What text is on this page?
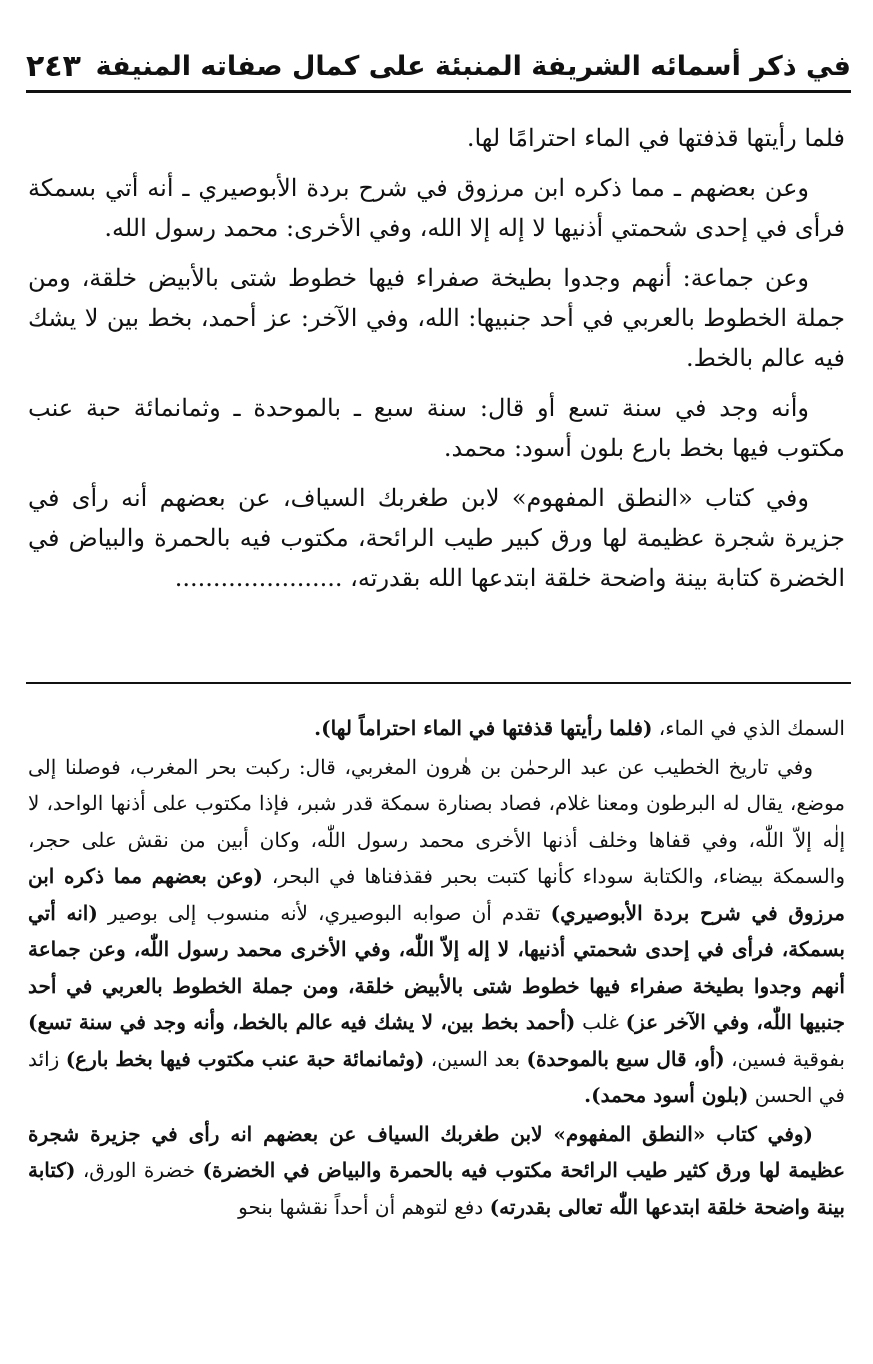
في ذكر أسمائه الشريفة المنبئة على كمال صفاته المنيفة
٢٤٣

فلما رأيتها قذفتها في الماء احترامًا لها.

وعن بعضهم ـ مما ذكره ابن مرزوق في شرح بردة الأبوصيري ـ أنه أتي بسمكة فرأى في إحدى شحمتي أذنيها لا إله إلا الله، وفي الأخرى: محمد رسول الله.

وعن جماعة: أنهم وجدوا بطيخة صفراء فيها خطوط شتى بالأبيض خلقة، ومن جملة الخطوط بالعربي في أحد جنبيها: الله، وفي الآخر: عز أحمد، بخط بين لا يشك فيه عالم بالخط.

وأنه وجد في سنة تسع أو قال: سنة سبع ـ بالموحدة ـ وثمانمائة حبة عنب مكتوب فيها بخط بارع بلون أسود: محمد.

وفي كتاب «النطق المفهوم» لابن طغربك السياف، عن بعضهم أنه رأى في جزيرة شجرة عظيمة لها ورق كبير طيب الرائحة، مكتوب فيه بالحمرة والبياض في الخضرة كتابة بينة واضحة خلقة ابتدعها الله بقدرته، ......................

السمك الذي في الماء، (فلما رأيتها قذفتها في الماء احتراماً لها).

وفي تاريخ الخطيب عن عبد الرحمٰن بن هٰرون المغربي، قال: ركبت بحر المغرب، فوصلنا إلى موضع، يقال له البرطون ومعنا غلام، فصاد بصنارة سمكة قدر شبر، فإذا مكتوب على أذنها الواحد، لا إلٰه إلاّ اللّٰه، وفي قفاها وخلف أذنها الأخرى محمد رسول اللّٰه، وكان أبين من نقش على حجر، والسمكة بيضاء، والكتابة سوداء كأنها كتبت بحبر فقذفناها في البحر، (وعن بعضهم مما ذكره ابن مرزوق في شرح بردة الأبوصيري) تقدم أن صوابه البوصيري، لأنه منسوب إلى بوصير (انه أتي بسمكة، فرأى في إحدى شحمتي أذنيها، لا إله إلاّ اللّٰه، وفي الأخرى محمد رسول اللّٰه، وعن جماعة أنهم وجدوا بطيخة صفراء فيها خطوط شتى بالأبيض خلقة، ومن جملة الخطوط بالعربي في أحد جنبيها اللّٰه، وفي الآخر عز) غلب (أحمد بخط بين، لا يشك فيه عالم بالخط، وأنه وجد في سنة تسع) بفوقية فسين، (أو، قال سبع بالموحدة) بعد السين، (وثمانمائة حبة عنب مكتوب فيها بخط بارع) زائد في الحسن (بلون أسود محمد).

(وفي كتاب «النطق المفهوم» لابن طغربك السياف عن بعضهم انه رأى في جزيرة شجرة عظيمة لها ورق كثير طيب الرائحة مكتوب فيه بالحمرة والبياض في الخضرة) خضرة الورق، (كتابة بينة واضحة خلقة ابتدعها اللّٰه تعالى بقدرته) دفع لتوهم أن أحداً نقشها بنحو
